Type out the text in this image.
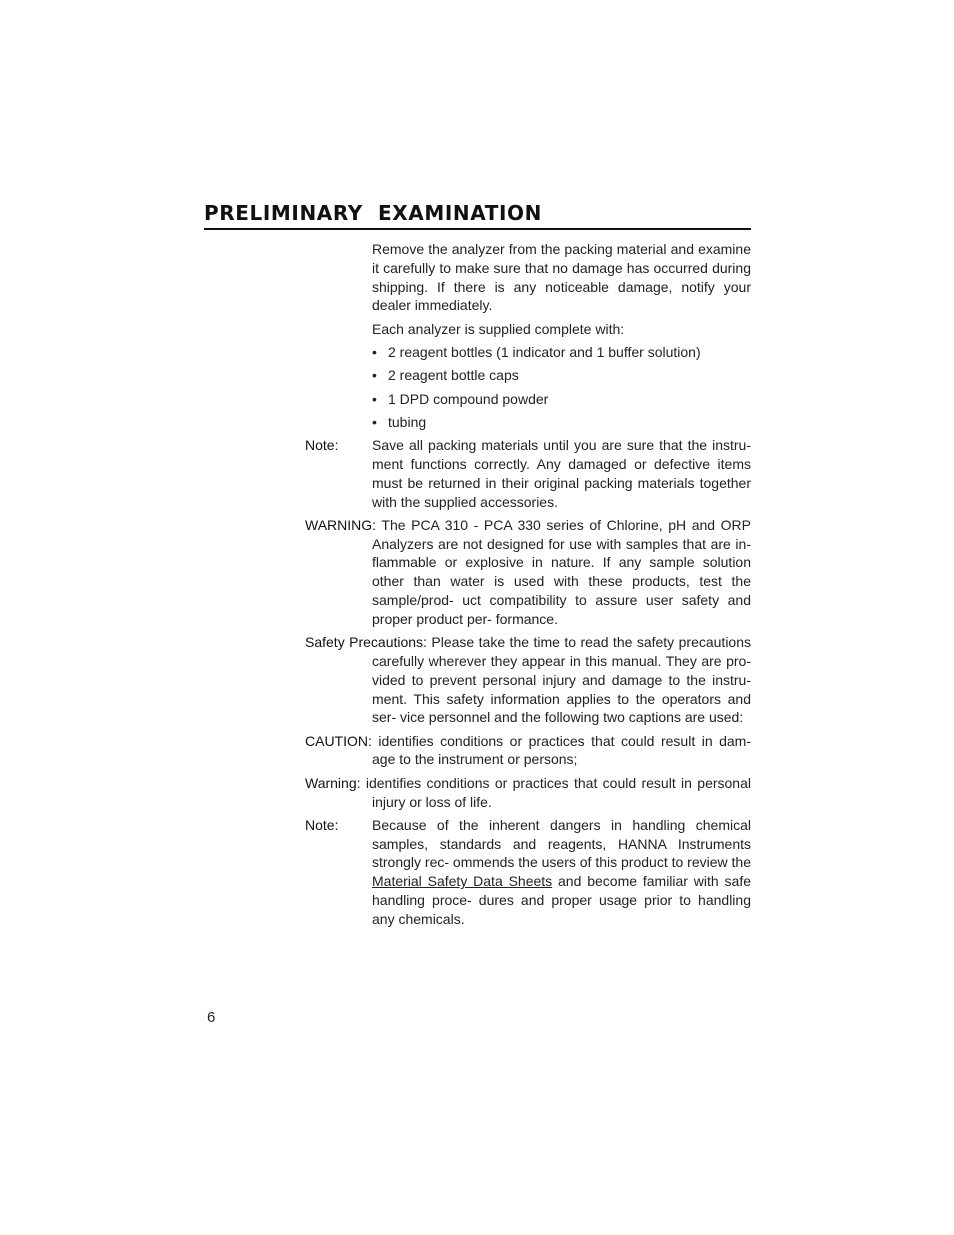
PRELIMINARY  EXAMINATION

Remove the analyzer from the packing material and examine it carefully to make sure that no damage has occurred during shipping. If there is any noticeable damage, notify your dealer immediately.

Each analyzer is supplied complete with:

• 2 reagent bottles (1 indicator and 1 buffer solution)

• 2 reagent bottle caps

• 1 DPD compound powder

• tubing

Note: Save all packing materials until you are sure that the instru- ment functions correctly. Any damaged or defective items must be returned in their original packing materials together with the supplied accessories.

WARNING: The PCA 310 - PCA 330 series of Chlorine, pH and ORP Analyzers are not designed for use with samples that are in- flammable or explosive in nature. If any sample solution other than water is used with these products, test the sample/prod- uct compatibility to assure user safety and proper product per- formance.

Safety Precautions: Please take the time to read the safety precautions carefully wherever they appear in this manual. They are pro- vided to prevent personal injury and damage to the instru- ment. This safety information applies to the operators and ser- vice personnel and the following two captions are used:

CAUTION: identifies conditions or practices that could result in dam- age to the instrument or persons;

Warning: identifies conditions or practices that could result in personal injury or loss of life.

Note: Because of the inherent dangers in handling chemical samples, standards and reagents, HANNA Instruments strongly rec- ommends the users of this product to review the Material Safety Data Sheets and become familiar with safe handling proce- dures and proper usage prior to handling any chemicals.

6
